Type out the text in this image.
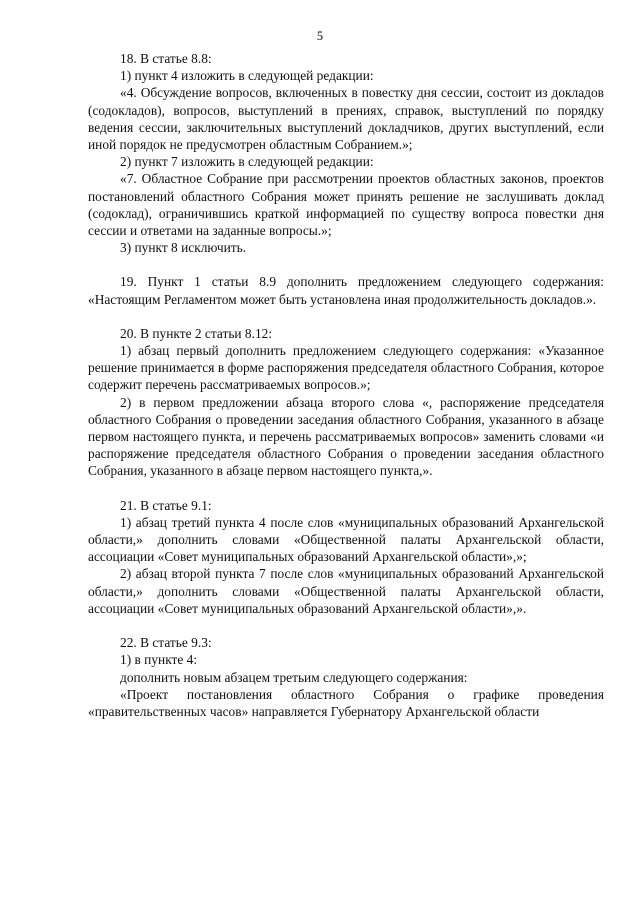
5

18. В статье 8.8:

1) пункт 4 изложить в следующей редакции:

«4. Обсуждение вопросов, включенных в повестку дня сессии, состоит из докладов (содокладов), вопросов, выступлений в прениях, справок, выступлений по порядку ведения сессии, заключительных выступлений докладчиков, других выступлений, если иной порядок не предусмотрен областным Собранием.»;

2) пункт 7 изложить в следующей редакции:

«7. Областное Собрание при рассмотрении проектов областных законов, проектов постановлений областного Собрания может принять решение не заслушивать доклад (содоклад), ограничившись краткой информацией по существу вопроса повестки дня сессии и ответами на заданные вопросы.»;

3) пункт 8 исключить.

19. Пункт 1 статьи 8.9 дополнить предложением следующего содержания: «Настоящим Регламентом может быть установлена иная продолжительность докладов.».

20. В пункте 2 статьи 8.12:

1) абзац первый дополнить предложением следующего содержания: «Указанное решение принимается в форме распоряжения председателя областного Собрания, которое содержит перечень рассматриваемых вопросов.»;

2) в первом предложении абзаца второго слова «, распоряжение председателя областного Собрания о проведении заседания областного Собрания, указанного в абзаце первом настоящего пункта, и перечень рассматриваемых вопросов» заменить словами «и распоряжение председателя областного Собрания о проведении заседания областного Собрания, указанного в абзаце первом настоящего пункта,».

21. В статье 9.1:

1) абзац третий пункта 4 после слов «муниципальных образований Архангельской области,» дополнить словами «Общественной палаты Архангельской области, ассоциации «Совет муниципальных образований Архангельской области»,»;

2) абзац второй пункта 7 после слов «муниципальных образований Архангельской области,» дополнить словами «Общественной палаты Архангельской области, ассоциации «Совет муниципальных образований Архангельской области»,».

22. В статье 9.3:

1) в пункте 4:

дополнить новым абзацем третьим следующего содержания:

«Проект постановления областного Собрания о графике проведения «правительственных часов» направляется Губернатору Архангельской области
